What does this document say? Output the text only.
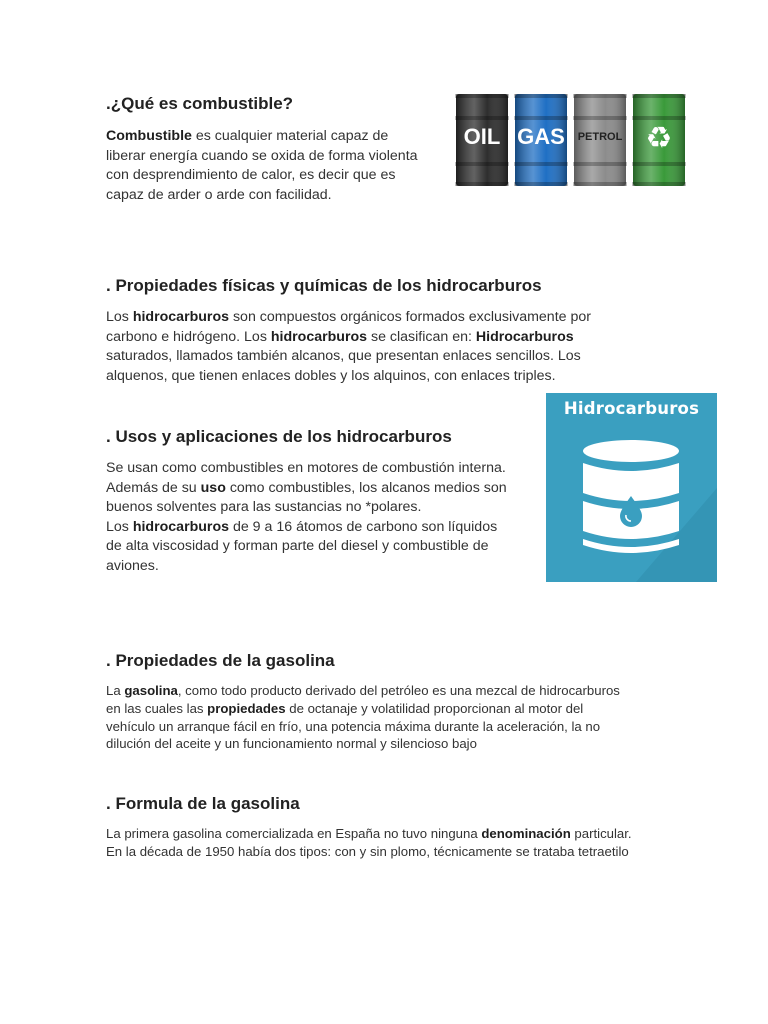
.¿Qué es combustible?

Combustible es cualquier material capaz de
liberar energía cuando se oxida de forma violenta
con desprendimiento de calor, es decir que es
capaz de arder o arde con facilidad.

OIL GAS PETROL ♻
. Propiedades físicas y químicas de los hidrocarburos

Los hidrocarburos son compuestos orgánicos formados exclusivamente por
carbono e hidrógeno. Los hidrocarburos se clasifican en: Hidrocarburos
saturados, llamados también alcanos, que presentan enlaces sencillos. Los
alquenos, que tienen enlaces dobles y los alquinos, con enlaces triples.

. Usos y aplicaciones de los hidrocarburos

Se usan como combustibles en motores de combustión interna.
Además de su uso como combustibles, los alcanos medios son
buenos solventes para las sustancias no *polares.
Los hidrocarburos de 9 a 16 átomos de carbono son líquidos
de alta viscosidad y forman parte del diesel y combustible de
aviones.

Hidrocarburos
. Propiedades de la gasolina

La gasolina, como todo producto derivado del petróleo es una mezcal de hidrocarburos
en las cuales las propiedades de octanaje y volatilidad proporcionan al motor del
vehículo un arranque fácil en frío, una potencia máxima durante la aceleración, la no
dilución del aceite y un funcionamiento normal y silencioso bajo

. Formula de la gasolina

La primera gasolina comercializada en España no tuvo ninguna denominación particular.
En la década de 1950 había dos tipos: con y sin plomo, técnicamente se trataba tetraetilo
